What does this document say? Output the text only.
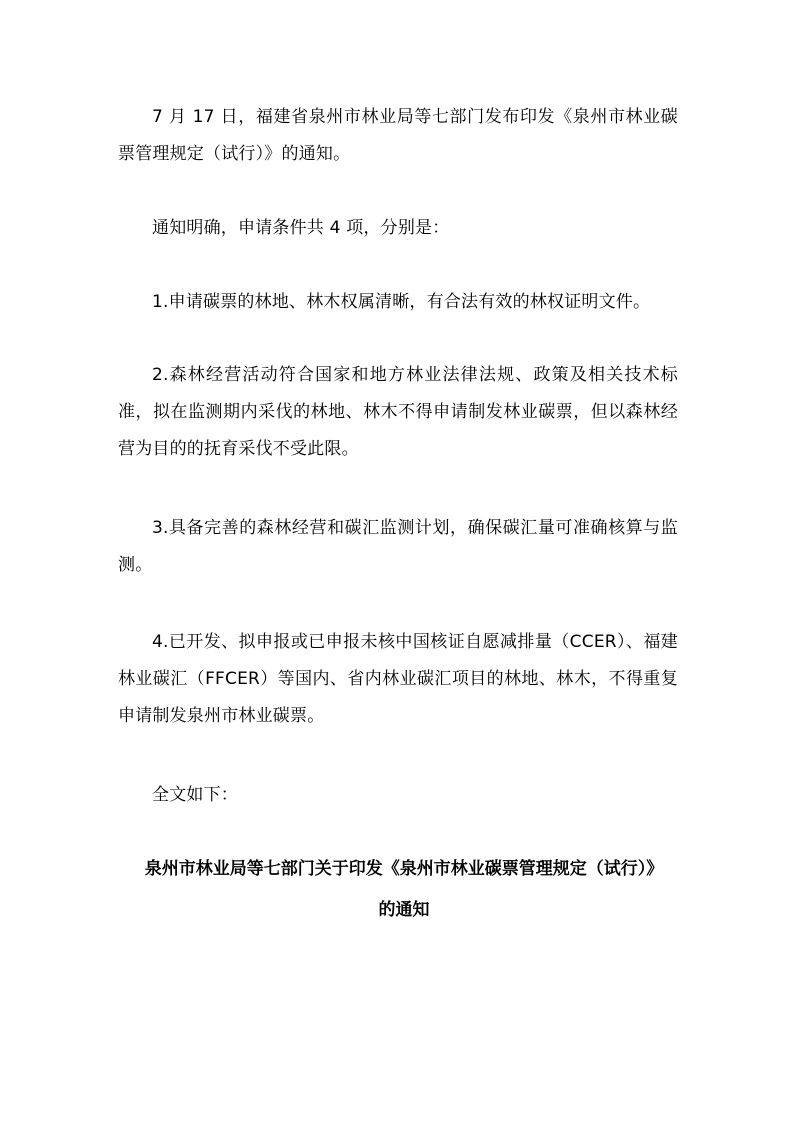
7 月 17 日，福建省泉州市林业局等七部门发布印发《泉州市林业碳票管理规定（试行）》的通知。

通知明确，申请条件共 4 项，分别是：

1.申请碳票的林地、林木权属清晰，有合法有效的林权证明文件。

2.森林经营活动符合国家和地方林业法律法规、政策及相关技术标准，拟在监测期内采伐的林地、林木不得申请制发林业碳票，但以森林经营为目的的抚育采伐不受此限。

3.具备完善的森林经营和碳汇监测计划，确保碳汇量可准确核算与监测。

4.已开发、拟申报或已申报未核中国核证自愿减排量（CCER）、福建林业碳汇（FFCER）等国内、省内林业碳汇项目的林地、林木，不得重复申请制发泉州市林业碳票。

全文如下：

泉州市林业局等七部门关于印发《泉州市林业碳票管理规定（试行）》

的通知
